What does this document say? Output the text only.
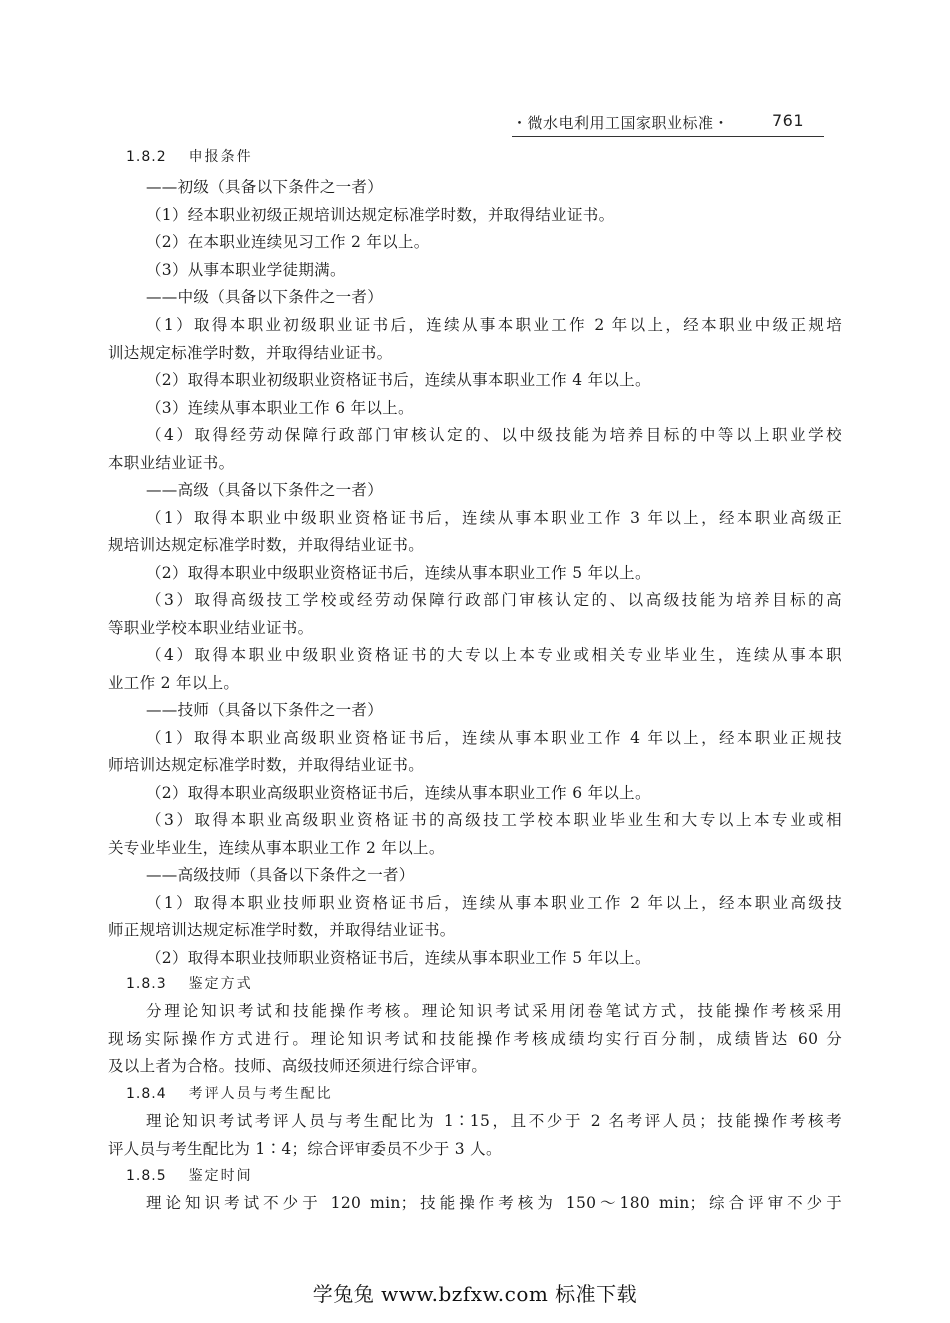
・微水电利用工国家职业标准・	761
1.8.2 申报条件
——初级（具备以下条件之一者）
（1）经本职业初级正规培训达规定标准学时数，并取得结业证书。
（2）在本职业连续见习工作 2 年以上。
（3）从事本职业学徒期满。
——中级（具备以下条件之一者）
（1）取得本职业初级职业证书后，连续从事本职业工作 2 年以上，经本职业中级正规培
训达规定标准学时数，并取得结业证书。
（2）取得本职业初级职业资格证书后，连续从事本职业工作 4 年以上。
（3）连续从事本职业工作 6 年以上。
（4）取得经劳动保障行政部门审核认定的、以中级技能为培养目标的中等以上职业学校
本职业结业证书。
——高级（具备以下条件之一者）
（1）取得本职业中级职业资格证书后，连续从事本职业工作 3 年以上，经本职业高级正
规培训达规定标准学时数，并取得结业证书。
（2）取得本职业中级职业资格证书后，连续从事本职业工作 5 年以上。
（3）取得高级技工学校或经劳动保障行政部门审核认定的、以高级技能为培养目标的高
等职业学校本职业结业证书。
（4）取得本职业中级职业资格证书的大专以上本专业或相关专业毕业生，连续从事本职
业工作 2 年以上。
——技师（具备以下条件之一者）
（1）取得本职业高级职业资格证书后，连续从事本职业工作 4 年以上，经本职业正规技
师培训达规定标准学时数，并取得结业证书。
（2）取得本职业高级职业资格证书后，连续从事本职业工作 6 年以上。
（3）取得本职业高级职业资格证书的高级技工学校本职业毕业生和大专以上本专业或相
关专业毕业生，连续从事本职业工作 2 年以上。
——高级技师（具备以下条件之一者）
（1）取得本职业技师职业资格证书后，连续从事本职业工作 2 年以上，经本职业高级技
师正规培训达规定标准学时数，并取得结业证书。
（2）取得本职业技师职业资格证书后，连续从事本职业工作 5 年以上。
1.8.3 鉴定方式
分理论知识考试和技能操作考核。理论知识考试采用闭卷笔试方式，技能操作考核采用
现场实际操作方式进行。理论知识考试和技能操作考核成绩均实行百分制，成绩皆达 60 分
及以上者为合格。技师、高级技师还须进行综合评审。
1.8.4 考评人员与考生配比
理论知识考试考评人员与考生配比为 1∶15，且不少于 2 名考评人员；技能操作考核考
评人员与考生配比为 1∶4；综合评审委员不少于 3 人。
1.8.5 鉴定时间
理论知识考试不少于 120 min；技能操作考核为 150～180 min；综合评审不少于
学兔兔 www.bzfxw.com 标准下载
